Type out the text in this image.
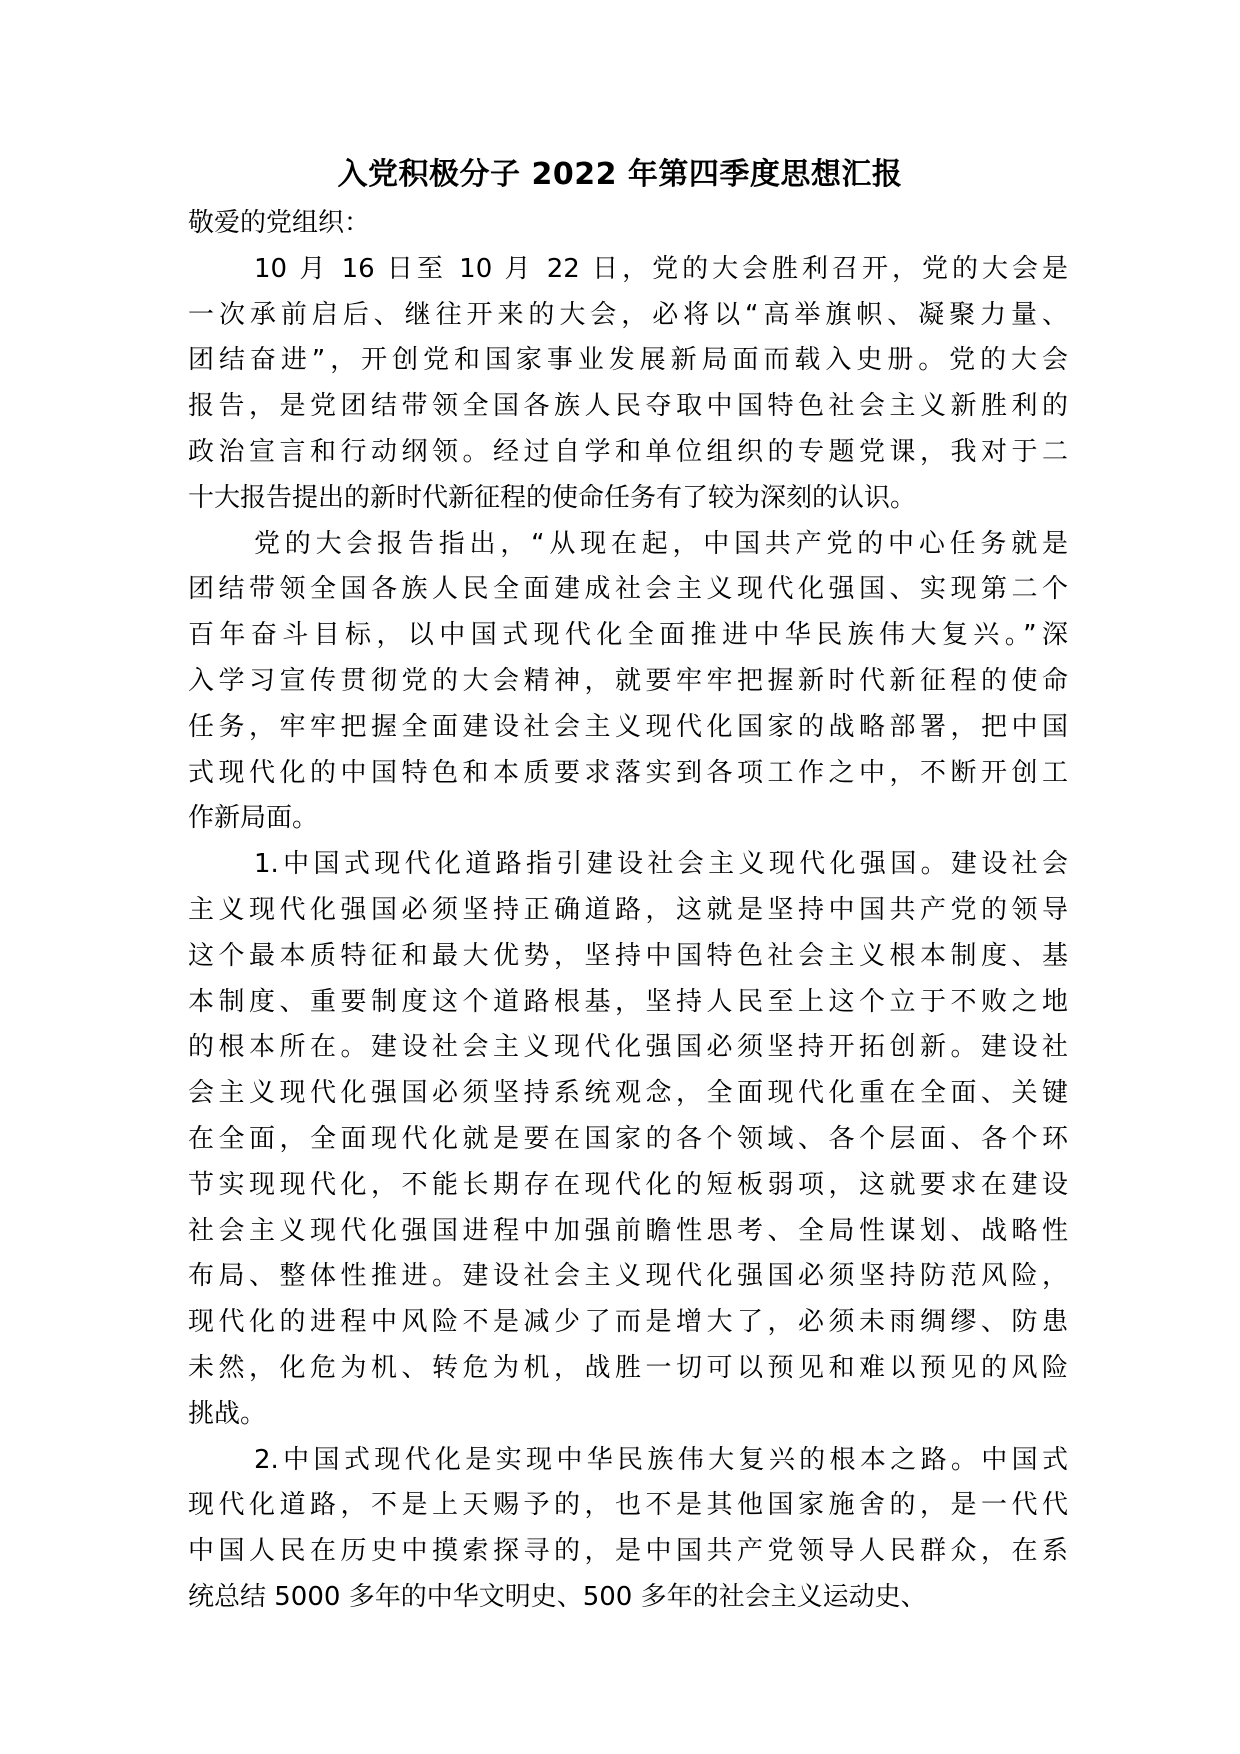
入党积极分子 2022 年第四季度思想汇报
敬爱的党组织：
10 月 16 日至 10 月 22 日，党的大会胜利召开，党的大会是
一次承前启后、继往开来的大会，必将以“高举旗帜、凝聚力量、
团结奋进”，开创党和国家事业发展新局面而载入史册。党的大会
报告，是党团结带领全国各族人民夺取中国特色社会主义新胜利的
政治宣言和行动纲领。经过自学和单位组织的专题党课，我对于二
十大报告提出的新时代新征程的使命任务有了较为深刻的认识。
党的大会报告指出，“从现在起，中国共产党的中心任务就是
团结带领全国各族人民全面建成社会主义现代化强国、实现第二个
百年奋斗目标，以中国式现代化全面推进中华民族伟大复兴。”深
入学习宣传贯彻党的大会精神，就要牢牢把握新时代新征程的使命
任务，牢牢把握全面建设社会主义现代化国家的战略部署，把中国
式现代化的中国特色和本质要求落实到各项工作之中，不断开创工
作新局面。
1.中国式现代化道路指引建设社会主义现代化强国。建设社会
主义现代化强国必须坚持正确道路，这就是坚持中国共产党的领导
这个最本质特征和最大优势，坚持中国特色社会主义根本制度、基
本制度、重要制度这个道路根基，坚持人民至上这个立于不败之地
的根本所在。建设社会主义现代化强国必须坚持开拓创新。建设社
会主义现代化强国必须坚持系统观念，全面现代化重在全面、关键
在全面，全面现代化就是要在国家的各个领域、各个层面、各个环
节实现现代化，不能长期存在现代化的短板弱项，这就要求在建设
社会主义现代化强国进程中加强前瞻性思考、全局性谋划、战略性
布局、整体性推进。建设社会主义现代化强国必须坚持防范风险，
现代化的进程中风险不是减少了而是增大了，必须未雨绸缪、防患
未然，化危为机、转危为机，战胜一切可以预见和难以预见的风险
挑战。
2.中国式现代化是实现中华民族伟大复兴的根本之路。中国式
现代化道路，不是上天赐予的，也不是其他国家施舍的，是一代代
中国人民在历史中摸索探寻的，是中国共产党领导人民群众，在系
统总结 5000 多年的中华文明史、500 多年的社会主义运动史、
